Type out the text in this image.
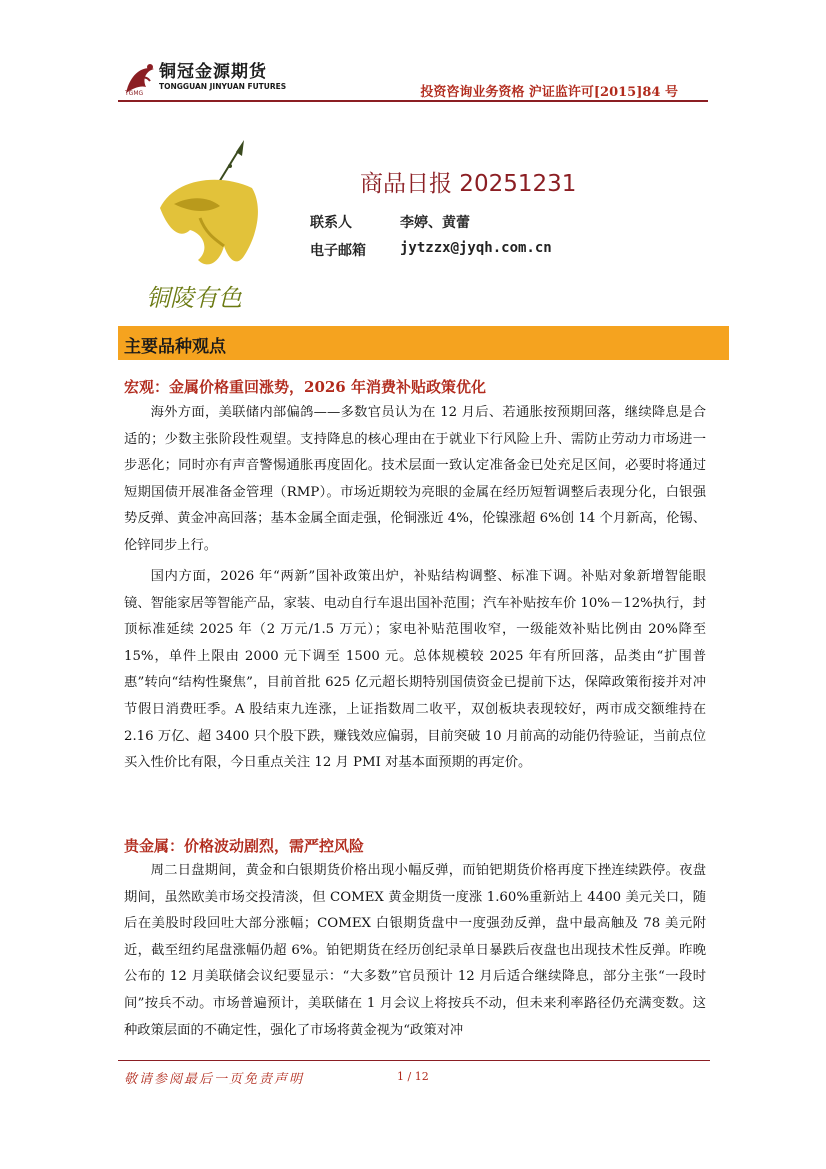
铜冠金源期货
TONGGUAN JINYUAN FUTURES
TGMG	投资咨询业务资格 沪证监许可[2015]84 号
铜陵有色
商品日报 20251231
联系人	李婷、黄蕾
电子邮箱 jytzzx@jyqh.com.cn
主要品种观点
宏观：金属价格重回涨势，2026 年消费补贴政策优化

海外方面，美联储内部偏鸽——多数官员认为在 12 月后、若通胀按预期回落，继续降息是合适的；少数主张阶段性观望。支持降息的核心理由在于就业下行风险上升、需防止劳动力市场进一步恶化；同时亦有声音警惕通胀再度固化。技术层面一致认定准备金已处充足区间，必要时将通过短期国债开展准备金管理（RMP）。市场近期较为亮眼的金属在经历短暂调整后表现分化，白银强势反弹、黄金冲高回落；基本金属全面走强，伦铜涨近 4%，伦镍涨超 6%创 14 个月新高，伦锡、伦锌同步上行。

国内方面，2026 年“两新”国补政策出炉，补贴结构调整、标准下调。补贴对象新增智能眼镜、智能家居等智能产品，家装、电动自行车退出国补范围；汽车补贴按车价 10%－12%执行，封顶标准延续 2025 年（2 万元/1.5 万元）；家电补贴范围收窄，一级能效补贴比例由 20%降至 15%，单件上限由 2000 元下调至 1500 元。总体规模较 2025 年有所回落，品类由“扩围普惠”转向“结构性聚焦”，目前首批 625 亿元超长期特别国债资金已提前下达，保障政策衔接并对冲节假日消费旺季。A 股结束九连涨，上证指数周二收平，双创板块表现较好，两市成交额维持在 2.16 万亿、超 3400 只个股下跌，赚钱效应偏弱，目前突破 10 月前高的动能仍待验证，当前点位买入性价比有限，今日重点关注 12 月 PMI 对基本面预期的再定价。

贵金属：价格波动剧烈，需严控风险

周二日盘期间，黄金和白银期货价格出现小幅反弹，而铂钯期货价格再度下挫连续跌停。夜盘期间，虽然欧美市场交投清淡，但 COMEX 黄金期货一度涨 1.60%重新站上 4400 美元关口，随后在美股时段回吐大部分涨幅；COMEX 白银期货盘中一度强劲反弹，盘中最高触及 78 美元附近，截至纽约尾盘涨幅仍超 6%。铂钯期货在经历创纪录单日暴跌后夜盘也出现技术性反弹。昨晚公布的 12 月美联储会议纪要显示：“大多数”官员预计 12 月后适合继续降息，部分主张“一段时间”按兵不动。市场普遍预计，美联储在 1 月会议上将按兵不动，但未来利率路径仍充满变数。这种政策层面的不确定性，强化了市场将黄金视为“政策对冲

敬请参阅最后一页免责声明	1 / 12
